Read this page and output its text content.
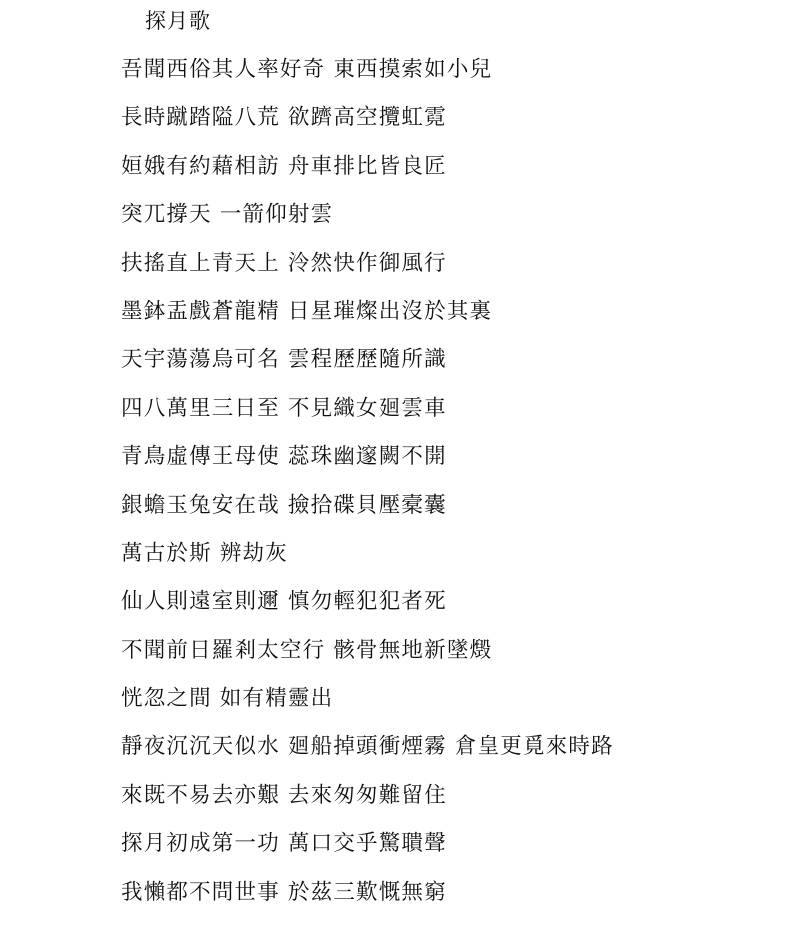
探月歌
吾聞西俗其人率好奇 東西摸索如小兒
長時蹴踏隘八荒 欲躋高空攬虹霓
姮娥有約藉相訪 舟車排比皆良匠
突兀撐天 一箭仰射雲
扶搖直上青天上 泠然快作御風行
墨鉢盂戲蒼龍精 日星璀燦出沒於其裏
天宇蕩蕩烏可名 雲程歷歷隨所識
四八萬里三日至 不見織女廻雲車
青鳥虛傳王母使 蕊珠幽邃闕不開
銀蟾玉兔安在哉 撿拾碟貝壓槖囊
萬古於斯 辨劫灰
仙人則遠室則邇 慎勿輕犯犯者死
不聞前日羅剎太空行 骸骨無地新墜燬
恍忽之間 如有精靈出
靜夜沉沉天似水 廻船掉頭衝煙霧 倉皇更覓來時路
來既不易去亦艱 去來匆匆難留住
探月初成第一功 萬口交乎驚聵聲
我懶都不問世事 於茲三歎慨無窮
